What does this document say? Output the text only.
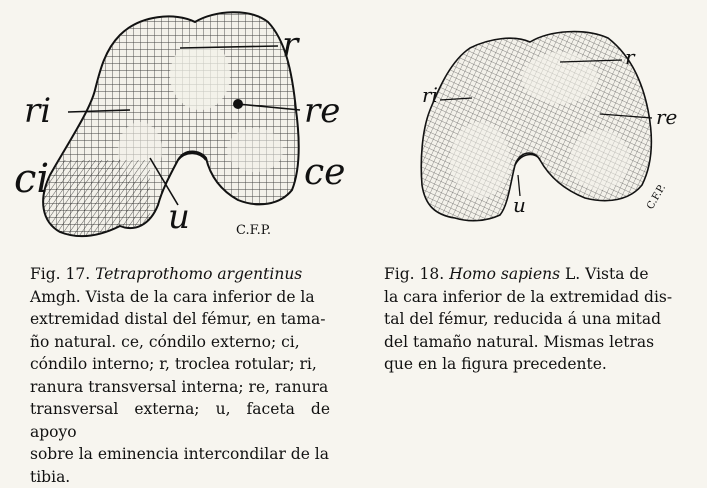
r
ri	re
ci	ce
u	C.F.P.
r
ri
re
u	C.F.P.
Fig. 17. Tetraprothomo argentinus
Amgh. Vista de la cara inferior de la
extremidad distal del fémur, en tama-
ño natural. ce, cóndilo externo; ci,
cóndilo interno; r, troclea rotular; ri,
ranura transversal interna; re, ranura
transversal externa; u, faceta de apoyo
sobre la eminencia intercondilar de la
tibia.
Fig. 18. Homo sapiens L. Vista de
la cara inferior de la extremidad dis-
tal del fémur, reducida á una mitad
del tamaño natural. Mismas letras
que en la figura precedente.
